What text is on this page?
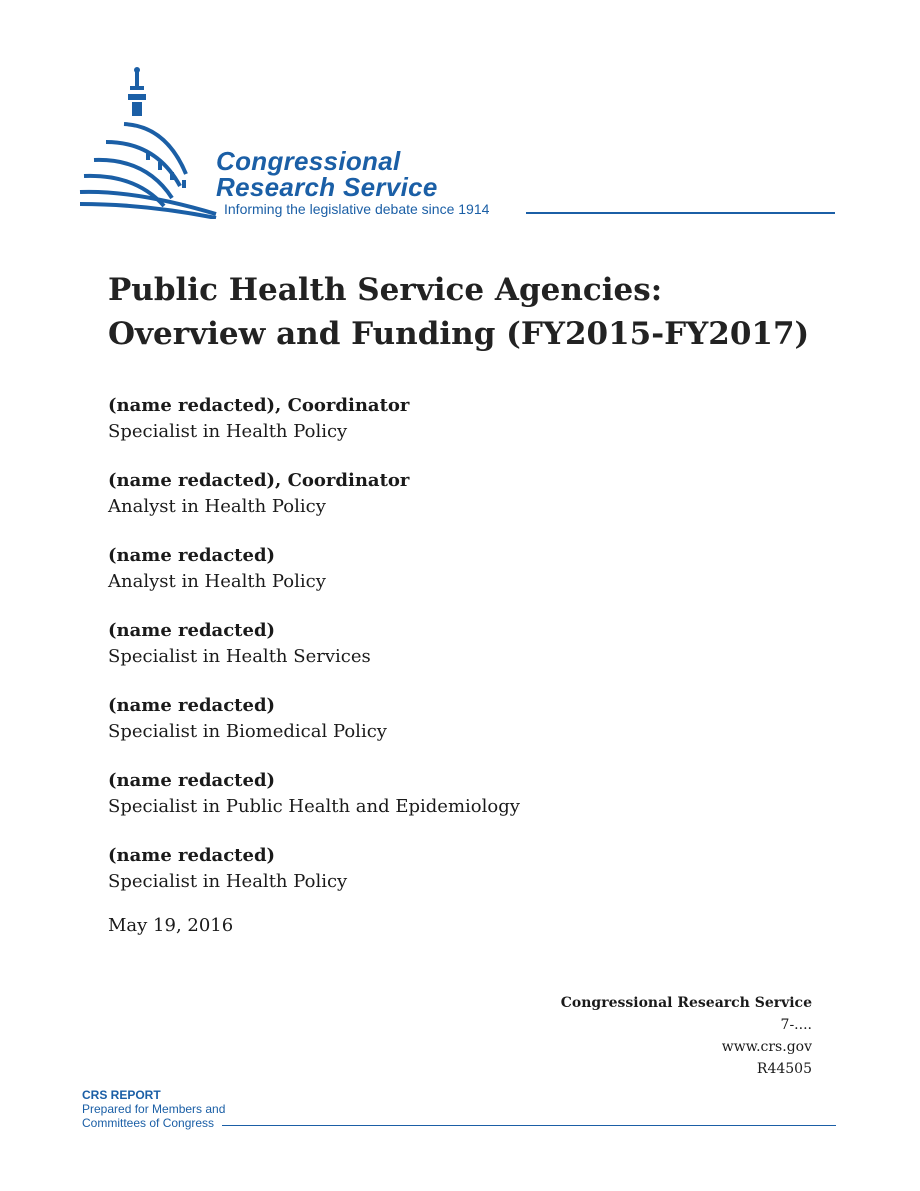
Congressional
Research Service
Informing the legislative debate since 1914
Public Health Service Agencies: Overview and Funding (FY2015-FY2017)
(name redacted), Coordinator
Specialist in Health Policy
(name redacted), Coordinator
Analyst in Health Policy
(name redacted)
Analyst in Health Policy
(name redacted)
Specialist in Health Services
(name redacted)
Specialist in Biomedical Policy
(name redacted)
Specialist in Public Health and Epidemiology
(name redacted)
Specialist in Health Policy
May 19, 2016
Congressional Research Service
7-....
www.crs.gov
R44505
CRS REPORT
Prepared for Members and
Committees of Congress
